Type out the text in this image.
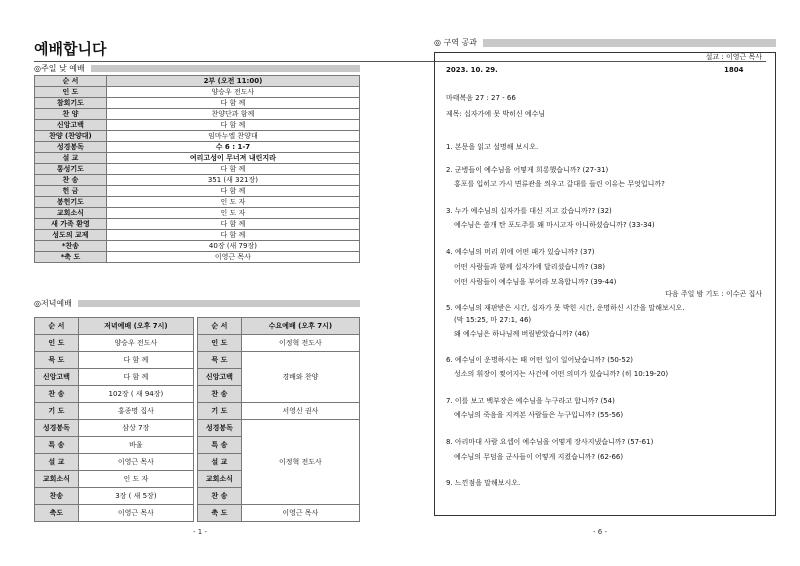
예배합니다	설교 : 이영근 목사
◎주일 낮 예배
순 서	2부 (오전 11:00)
인 도	양승우 전도사
참회기도	다 함 께
찬 양	찬양단과 함께
신앙고백	다 함 께
찬양 (찬양대)	임마누엘 찬양대
성경봉독	수 6 : 1-7
설 교	여리고성이 무너져 내린지라
통성기도	다 함 께
찬 송	351 (새 321장)
헌 금	다 함 께
봉헌기도	인 도 자
교회소식	인 도 자
새 가족 환영	다 함 께
성도의 교제	다 함 께
*찬송	40장 (새 79장)
*축 도	이영근 목사
다음 주일 밤 기도 : 이수곤 집사
◎저녁예배
순 서	저녁예배 (오후 7시)
인 도	양승우 전도사
묵 도	다 함 께
신앙고백	다 함 께
찬 송	102장 ( 새 94장)
기 도	홍종명 집사
성경봉독	삼상 7장
특 송	바울
설 교	이영근 목사
교회소식	인 도 자
찬송	3장 ( 새 5장)
축도	이영근 목사
순 서	수요예배 (오후 7시)
인 도	이정혁 전도사
묵 도	경배와 찬양
신앙고백	
찬 송	
기 도	서영신 권사
성경봉독	이정혁 전도사
특 송	
설 교	
교회소식	
찬 송	
축 도	이영근 목사
- 1 -
◎ 구역 공과
2023. 10. 29.	1804
마태복음 27 : 27 - 66
제목: 십자가에 못 박히신 예수님
1. 본문을 읽고 설명해 보시오.
2. 군병들이 예수님을 어떻게 희롱했습니까? (27-31)
홍포를 입히고 가시 면류관을 씌우고 갈대를 들린 이유는 무엇입니까?
3. 누가 예수님의 십자가를 대신 지고 갔습니까?? (32)
예수님은 쓸개 탄 포도주를 왜 마시고자 아니하셨습니까? (33-34)
4. 예수님의 머리 위에 어떤 패가 있습니까? (37)
어떤 사람들과 함께 십자가에 달리셨습니까? (38)
어떤 사람들이 예수님을 부어라 모욕합니까? (39-44)
5. 예수님의 재판받은 시간, 십자가 못 박힌 시간, 운명하신 시간을 말해보시오.
(막 15:25, 마 27:1, 46)
왜 예수님은 하나님께 버림받았습니까? (46)
6. 예수님이 운명하시는 때 어떤 일이 일어났습니까? (50-52)
성소의 휘장이 찢어지는 사건에 어떤 의미가 있습니까? (히 10:19-20)
7. 이를 보고 백부장은 예수님을 누구라고 합니까? (54)
예수님의 죽음을 지켜본 사람들은 누구입니까? (55-56)
8. 아리마대 사람 요셉이 예수님을 어떻게 장사지냈습니까? (57-61)
예수님의 무덤을 군사들이 어떻게 지켰습니까? (62-66)
9. 느낀점을 말해보시오.
- 6 -
